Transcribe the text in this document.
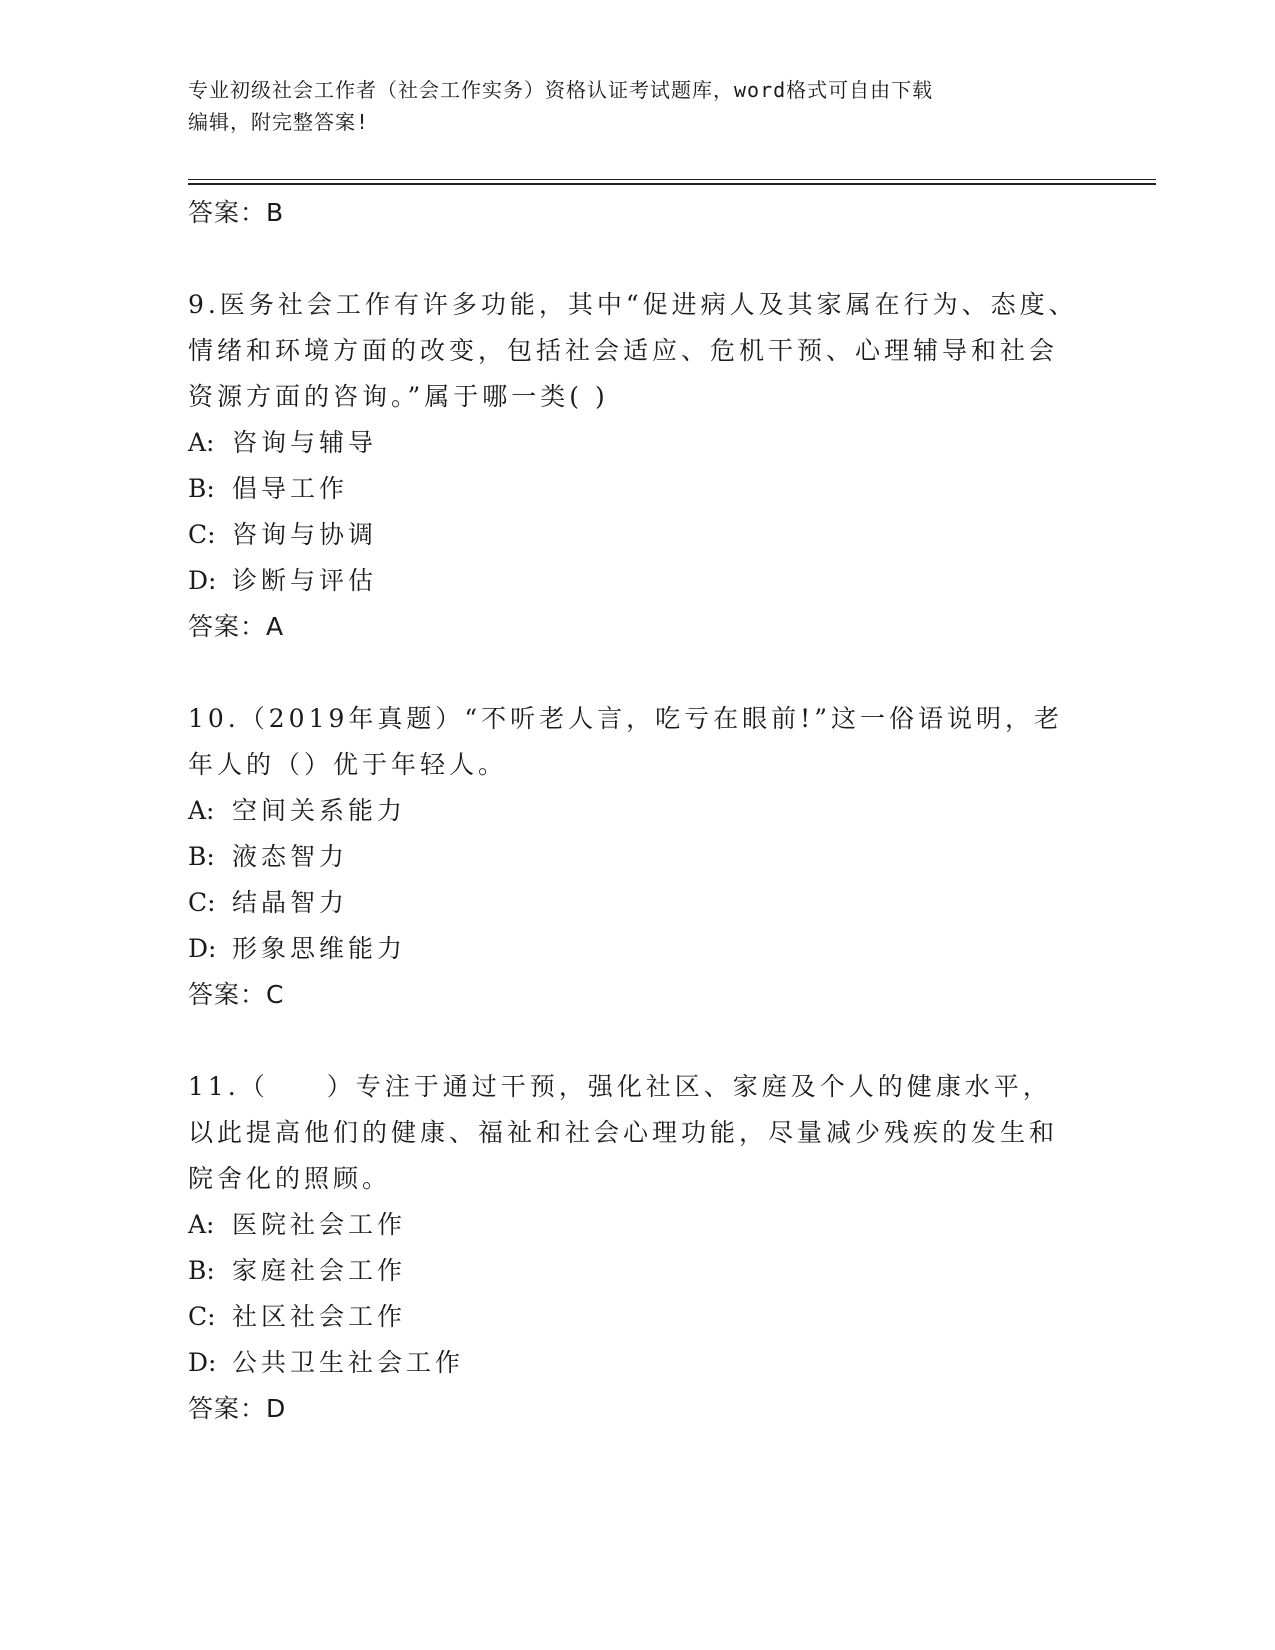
专业初级社会工作者（社会工作实务）资格认证考试题库，word格式可自由下载
编辑，附完整答案!

答案：B

9.医务社会工作有许多功能，其中“促进病人及其家属在行为、态度、情绪和环境方面的改变，包括社会适应、危机干预、心理辅导和社会资源方面的咨询。”属于哪一类( )

A: 咨询与辅导
B: 倡导工作
C: 咨询与协调
D: 诊断与评估

答案：A

10.（2019年真题）“不听老人言，吃亏在眼前!”这一俗语说明，老年人的（）优于年轻人。

A: 空间关系能力
B: 液态智力
C: 结晶智力
D: 形象思维能力

答案：C

11.（　　）专注于通过干预，强化社区、家庭及个人的健康水平，以此提高他们的健康、福祉和社会心理功能，尽量减少残疾的发生和院舍化的照顾。

A: 医院社会工作
B: 家庭社会工作
C: 社区社会工作
D: 公共卫生社会工作

答案：D
